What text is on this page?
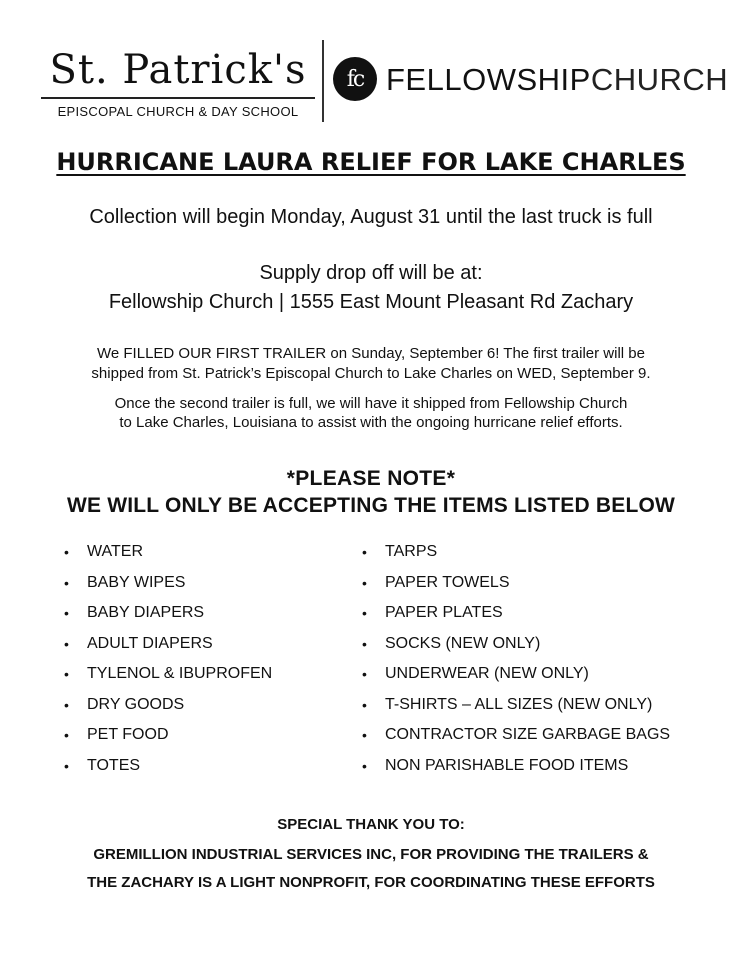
St. Patrick's
EPISCOPAL CHURCH & DAY SCHOOL
fc FELLOWSHIPCHURCH
HURRICANE LAURA RELIEF FOR LAKE CHARLES
Collection will begin Monday, August 31 until the last truck is full
Supply drop off will be at:
Fellowship Church | 1555 East Mount Pleasant Rd Zachary
We FILLED OUR FIRST TRAILER on Sunday, September 6! The first trailer will be
shipped from St. Patrick’s Episcopal Church to Lake Charles on WED, September 9.
Once the second trailer is full, we will have it shipped from Fellowship Church
to Lake Charles, Louisiana to assist with the ongoing hurricane relief efforts.
*PLEASE NOTE*
WE WILL ONLY BE ACCEPTING THE ITEMS LISTED BELOW
•	WATER
•	BABY WIPES
•	BABY DIAPERS
•	ADULT DIAPERS
•	TYLENOL & IBUPROFEN
•	DRY GOODS
•	PET FOOD
•	TOTES
•	TARPS
•	PAPER TOWELS
•	PAPER PLATES
•	SOCKS (NEW ONLY)
•	UNDERWEAR (NEW ONLY)
•	T-SHIRTS – ALL SIZES (NEW ONLY)
•	CONTRACTOR SIZE GARBAGE BAGS
•	NON PARISHABLE FOOD ITEMS
SPECIAL THANK YOU TO:
GREMILLION INDUSTRIAL SERVICES INC, FOR PROVIDING THE TRAILERS &
THE ZACHARY IS A LIGHT NONPROFIT, FOR COORDINATING THESE EFFORTS
